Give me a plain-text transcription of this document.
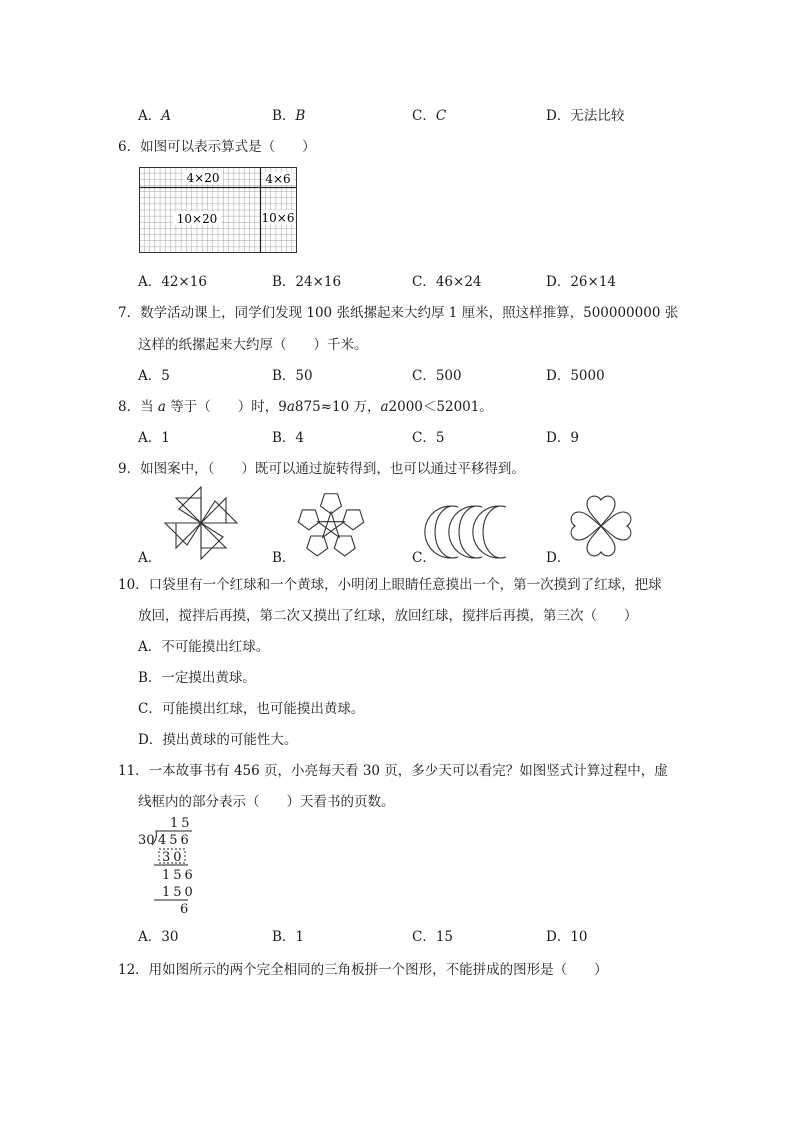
A．A	B．B	C．C	D．无法比较
6．如图可以表示算式是（　　）
4×20	4×6
10×20	10×6
A．42×16	B．24×16	C．46×24	D．26×14
7．数学活动课上，同学们发现 100 张纸摞起来大约厚 1 厘米，照这样推算，500000000 张
这样的纸摞起来大约厚（　　）千米。
A．5	B．50	C．500	D．5000
8．当 a 等于（　　）时，9a875≈10 万，a2000＜52001。
A．1	B．4	C．5	D．9
9．如图案中，（　　）既可以通过旋转得到，也可以通过平移得到。
A．	B．	C．	D．
10．口袋里有一个红球和一个黄球，小明闭上眼睛任意摸出一个，第一次摸到了红球，把球
放回，搅拌后再摸，第二次又摸出了红球，放回红球，搅拌后再摸，第三次（　　）
A．不可能摸出红球。
B．一定摸出黄球。
C．可能摸出红球，也可能摸出黄球。
D．摸出黄球的可能性大。
11．一本故事书有 456 页，小亮每天看 30 页，多少天可以看完？如图竖式计算过程中，虚
线框内的部分表示（　　）天看书的页数。
15
30 456
30
156
150
6
A．30	B．1	C．15	D．10
12．用如图所示的两个完全相同的三角板拼一个图形，不能拼成的图形是（　　）
